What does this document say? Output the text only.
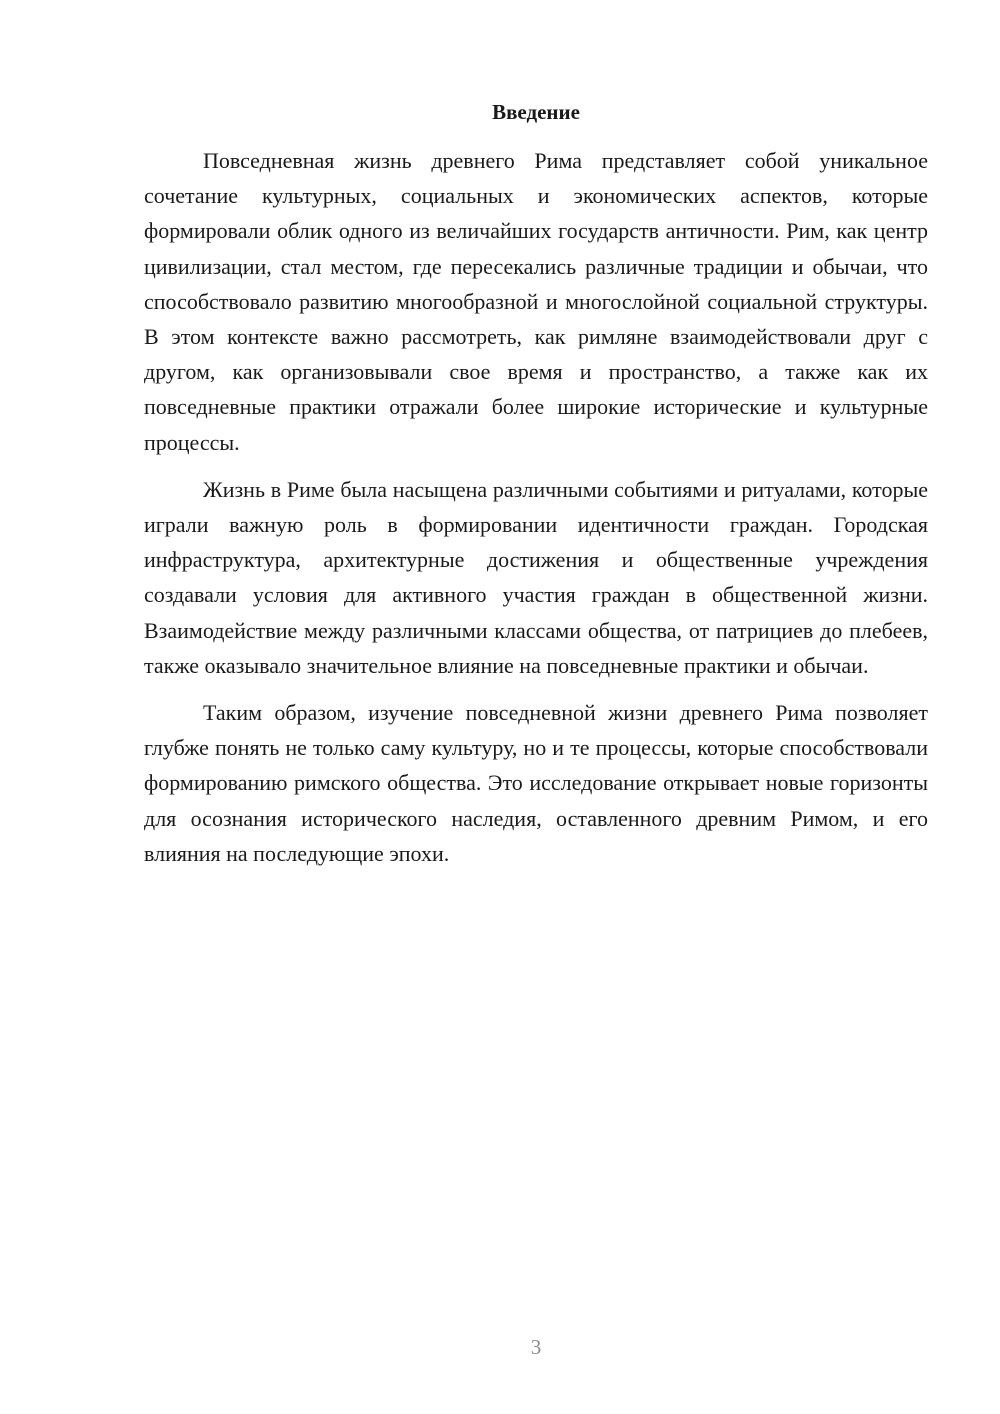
Введение

Повседневная жизнь древнего Рима представляет собой уникальное сочетание культурных, социальных и экономических аспектов, которые формировали облик одного из величайших государств античности. Рим, как центр цивилизации, стал местом, где пересекались различные традиции и обычаи, что способствовало развитию многообразной и многослойной социальной структуры. В этом контексте важно рассмотреть, как римляне взаимодействовали друг с другом, как организовывали свое время и пространство, а также как их повседневные практики отражали более широкие исторические и культурные процессы.

Жизнь в Риме была насыщена различными событиями и ритуалами, которые играли важную роль в формировании идентичности граждан. Городская инфраструктура, архитектурные достижения и общественные учреждения создавали условия для активного участия граждан в общественной жизни. Взаимодействие между различными классами общества, от патрициев до плебеев, также оказывало значительное влияние на повседневные практики и обычаи.

Таким образом, изучение повседневной жизни древнего Рима позволяет глубже понять не только саму культуру, но и те процессы, которые способствовали формированию римского общества. Это исследование открывает новые горизонты для осознания исторического наследия, оставленного древним Римом, и его влияния на последующие эпохи.

3
